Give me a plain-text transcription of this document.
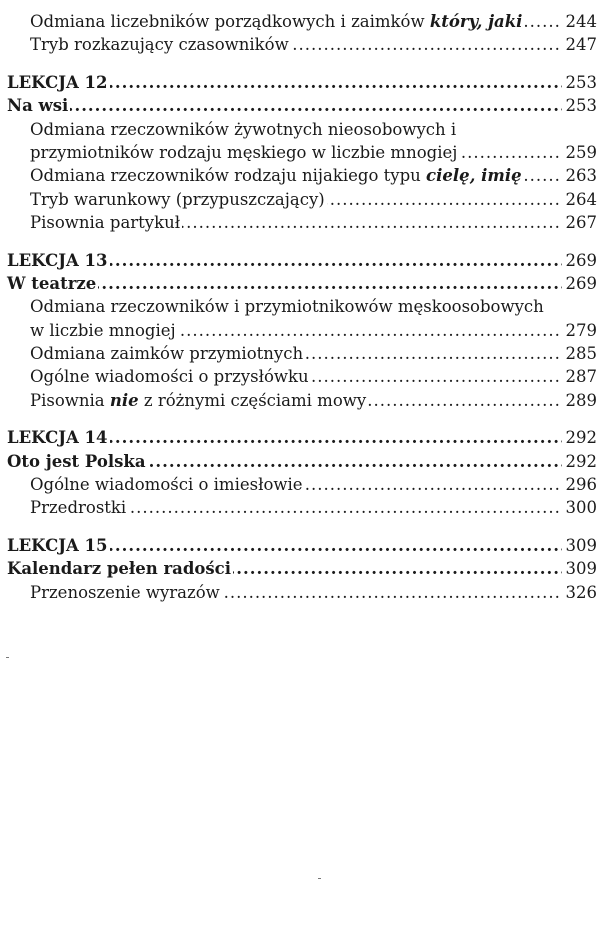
.....
Odmiana liczebników porządkowych i zaimków który, jaki	244
.....
Tryb rozkazujący czasowników	247
.....
LEKCJA 12	253
.....
Na wsi	253
Odmiana rzeczowników żywotnych nieosobowych i
.....
przymiotników rodzaju męskiego w liczbie mnogiej	259
.....
Odmiana rzeczowników rodzaju nijakiego typu cielę, imię	263
.....
Tryb warunkowy (przypuszczający)	264
.....
Pisownia partykuł	267
.....
LEKCJA 13	269
.....
W teatrze	269
Odmiana rzeczowników i przymiotnikowów męskoosobowych
.....
w liczbie mnogiej	279
.....
Odmiana zaimków przymiotnych	285
.....
Ogólne wiadomości o przysłówku	287
.....
Pisownia nie z różnymi częściami mowy	289
.....
LEKCJA 14	292
.....
Oto jest Polska	292
.....
Ogólne wiadomości o imiesłowie	296
.....
Przedrostki	300
.....
LEKCJA 15	309
.....
Kalendarz pełen radości	309
.....
Przenoszenie wyrazów	326
